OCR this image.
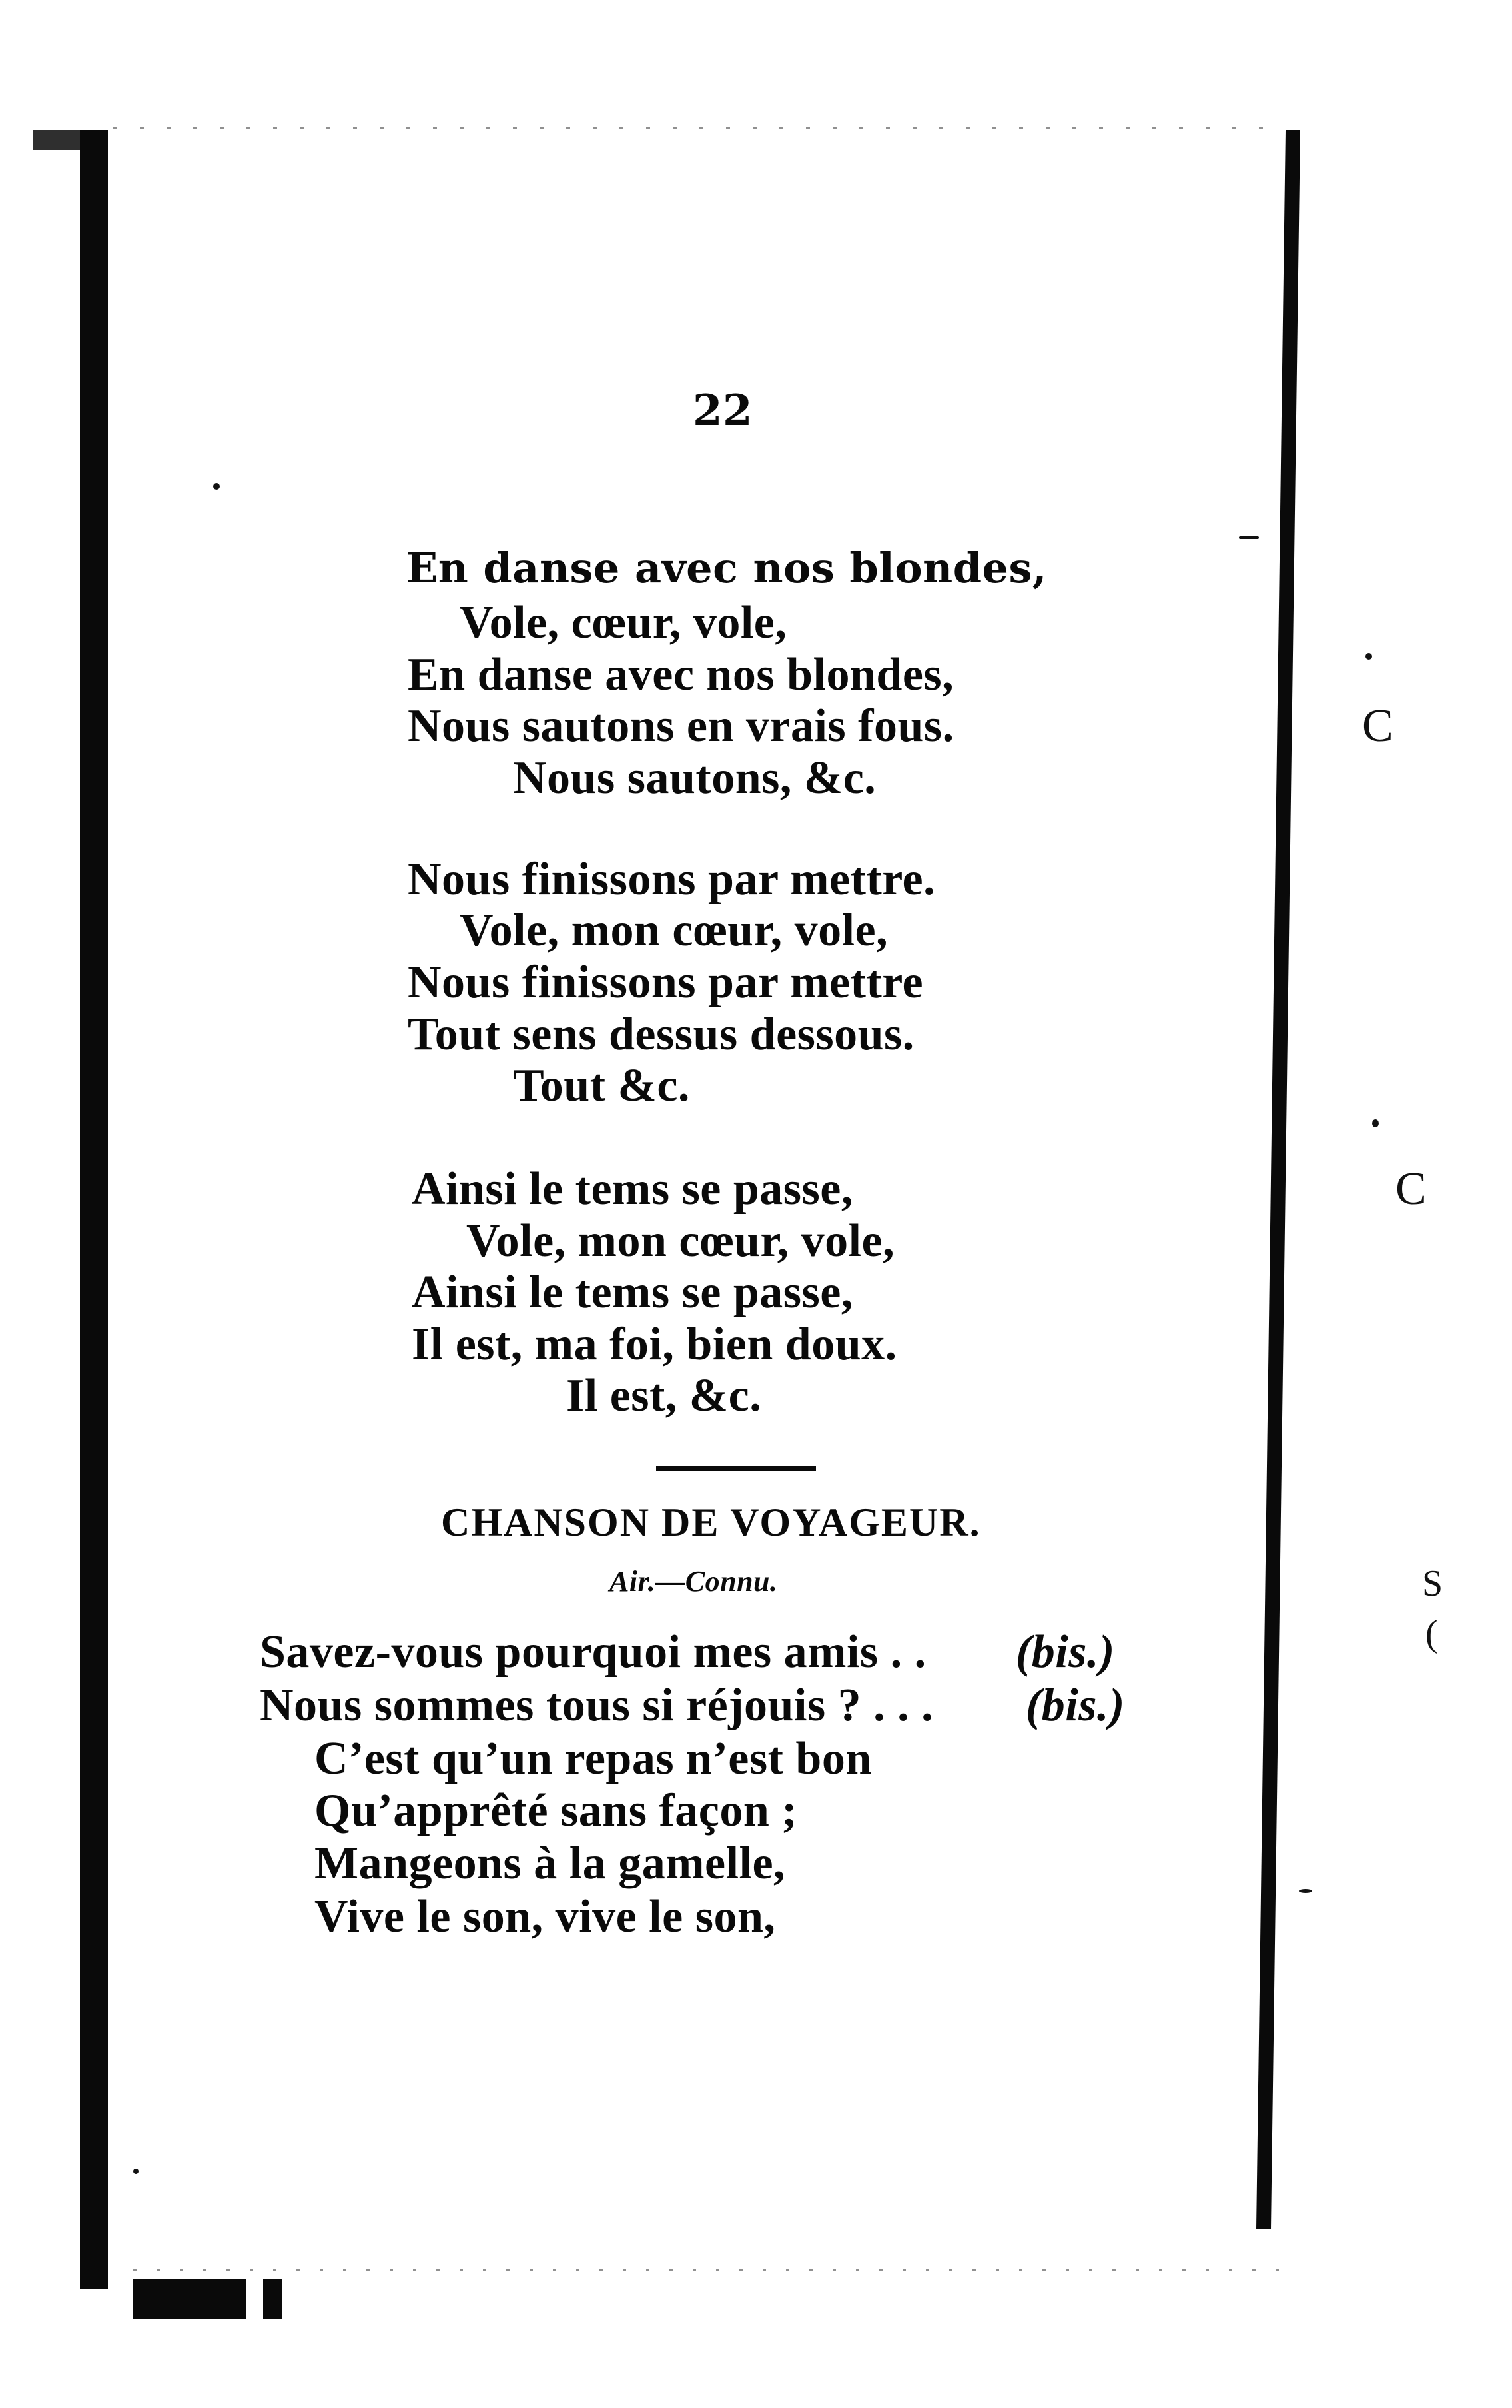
C
C
S
(
22
En danse avec nos blondes,
Vole, cœur, vole,
En danse avec nos blondes,
Nous sautons en vrais fous.
Nous sautons, &c.
Nous finissons par mettre.
Vole, mon cœur, vole,
Nous finissons par mettre
Tout sens dessus dessous.
Tout &c.
Ainsi le tems se passe,
Vole, mon cœur, vole,
Ainsi le tems se passe,
Il est, ma foi, bien doux.
Il est, &c.
CHANSON DE VOYAGEUR.
Air.—Connu.
Savez-vous pourquoi mes amis . . (bis.)
Nous sommes tous si réjouis ? . . . (bis.)
C’est qu’un repas n’est bon
Qu’apprêté sans façon ;
Mangeons à la gamelle,
Vive le son, vive le son,
